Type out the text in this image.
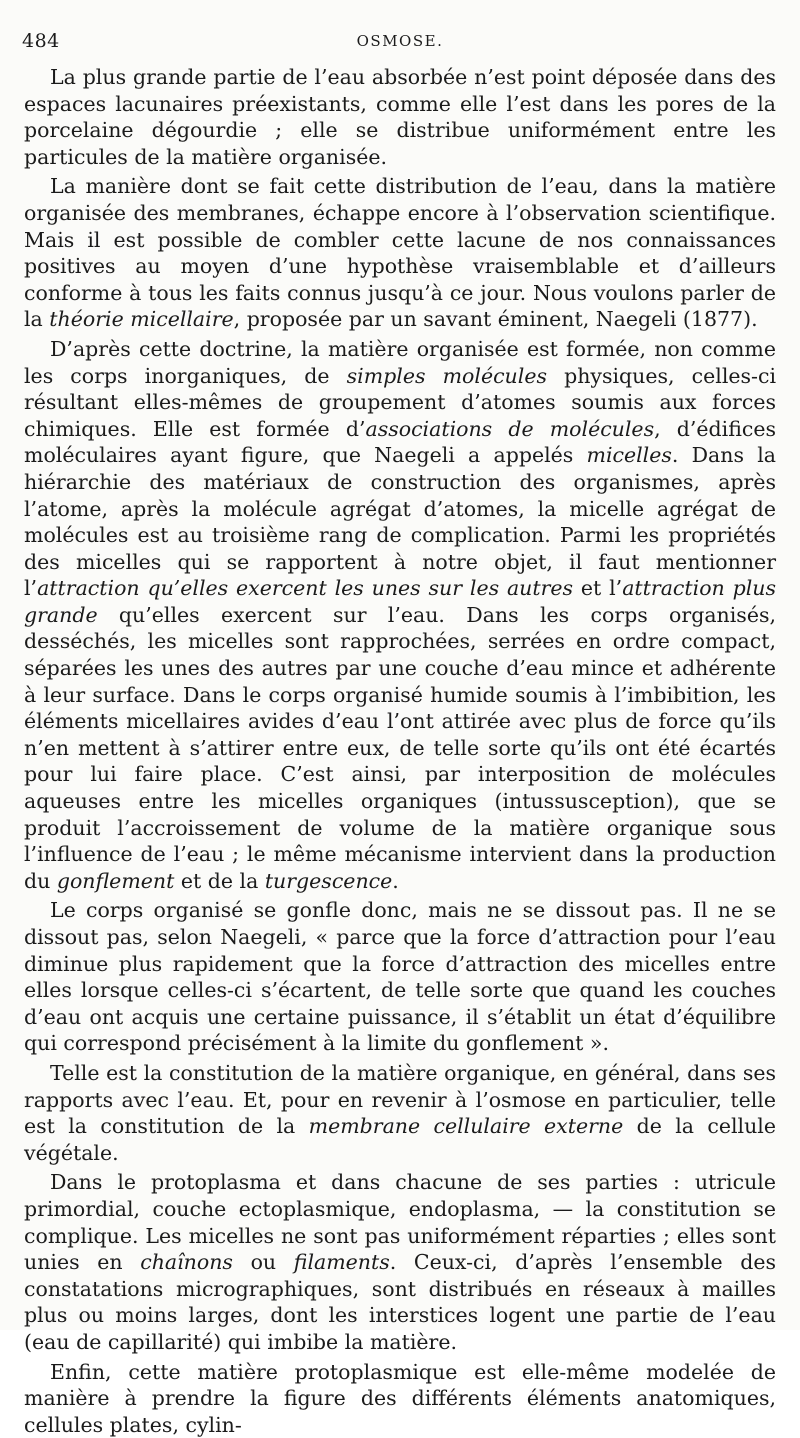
484	OSMOSE.

La plus grande partie de l’eau absorbée n’est point déposée dans des espaces lacunaires préexistants, comme elle l’est dans les pores de la porcelaine dégourdie ; elle se distribue uniformément entre les particules de la matière organisée.

La manière dont se fait cette distribution de l’eau, dans la matière organisée des membranes, échappe encore à l’observation scientifique. Mais il est possible de combler cette lacune de nos connaissances positives au moyen d’une hypothèse vraisemblable et d’ailleurs conforme à tous les faits connus jusqu’à ce jour. Nous voulons parler de la théorie micellaire, proposée par un savant éminent, Naegeli (1877).

D’après cette doctrine, la matière organisée est formée, non comme les corps inorganiques, de simples molécules physiques, celles-ci résultant elles-mêmes de groupement d’atomes soumis aux forces chimiques. Elle est formée d’associations de molécules, d’édifices moléculaires ayant figure, que Naegeli a appelés micelles. Dans la hiérarchie des matériaux de construction des organismes, après l’atome, après la molécule agrégat d’atomes, la micelle agrégat de molécules est au troisième rang de complication. Parmi les propriétés des micelles qui se rapportent à notre objet, il faut mentionner l’attraction qu’elles exercent les unes sur les autres et l’attraction plus grande qu’elles exercent sur l’eau. Dans les corps organisés, desséchés, les micelles sont rapprochées, serrées en ordre compact, séparées les unes des autres par une couche d’eau mince et adhérente à leur surface. Dans le corps organisé humide soumis à l’imbibition, les éléments micellaires avides d’eau l’ont attirée avec plus de force qu’ils n’en mettent à s’attirer entre eux, de telle sorte qu’ils ont été écartés pour lui faire place. C’est ainsi, par interposition de molécules aqueuses entre les micelles organiques (intussusception), que se produit l’accroissement de volume de la matière organique sous l’influence de l’eau ; le même mécanisme intervient dans la production du gonflement et de la turgescence.

Le corps organisé se gonfle donc, mais ne se dissout pas. Il ne se dissout pas, selon Naegeli, « parce que la force d’attraction pour l’eau diminue plus rapidement que la force d’attraction des micelles entre elles lorsque celles-ci s’écartent, de telle sorte que quand les couches d’eau ont acquis une certaine puissance, il s’établit un état d’équilibre qui correspond précisément à la limite du gonflement ».

Telle est la constitution de la matière organique, en général, dans ses rapports avec l’eau. Et, pour en revenir à l’osmose en particulier, telle est la constitution de la membrane cellulaire externe de la cellule végétale.

Dans le protoplasma et dans chacune de ses parties : utricule primordial, couche ectoplasmique, endoplasma, — la constitution se complique. Les micelles ne sont pas uniformément réparties ; elles sont unies en chaînons ou filaments. Ceux-ci, d’après l’ensemble des constatations micrographiques, sont distribués en réseaux à mailles plus ou moins larges, dont les interstices logent une partie de l’eau (eau de capillarité) qui imbibe la matière.

Enfin, cette matière protoplasmique est elle-même modelée de manière à prendre la figure des différents éléments anatomiques, cellules plates, cylin-
